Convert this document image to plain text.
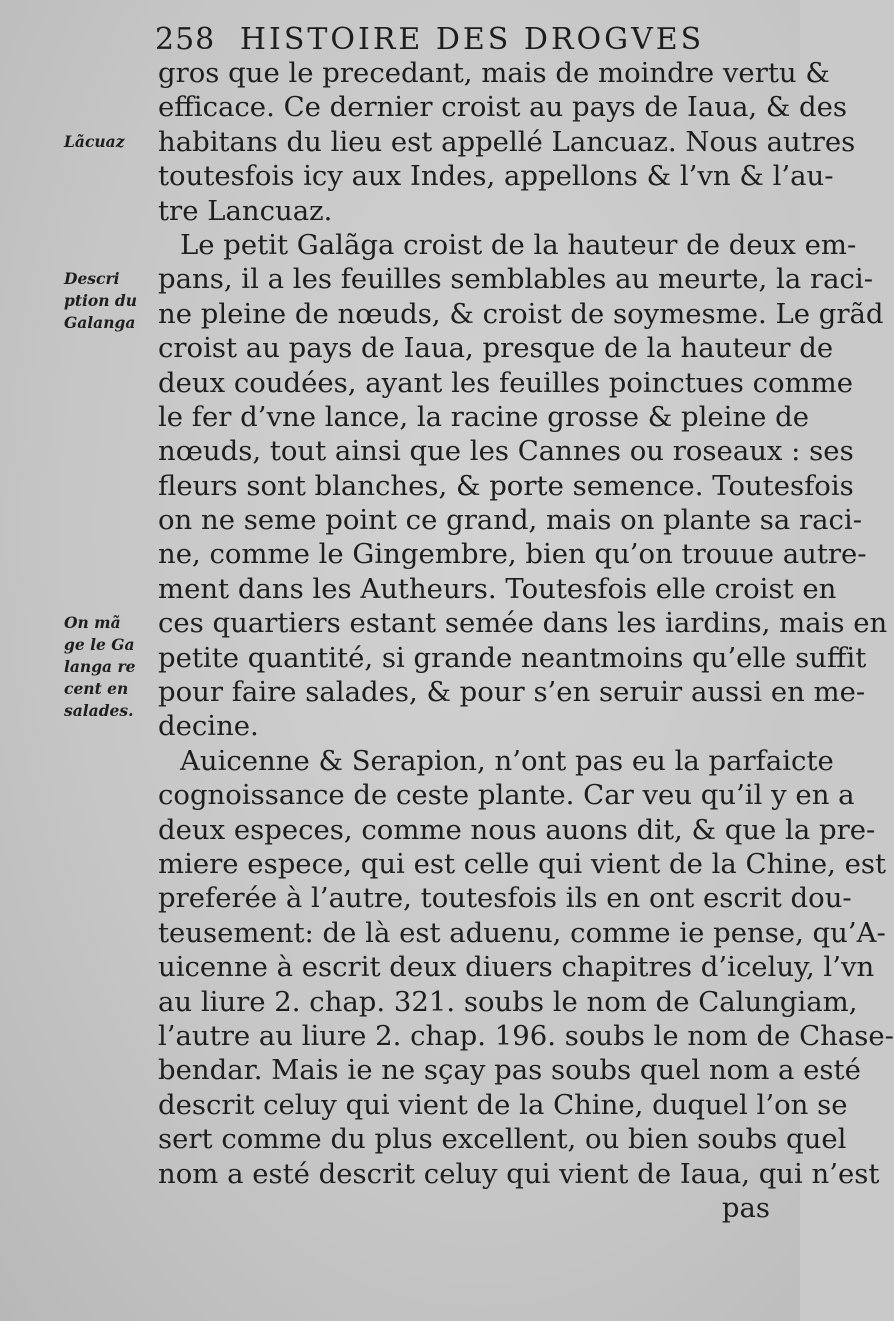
258 HISTOIRE DES DROGVES
gros que le precedant, mais de moindre vertu &
efficace. Ce dernier croist au pays de Iaua, & des
habitans du lieu est appellé Lancuaz. Nous autres
toutesfois icy aux Indes, appellons & l’vn & l’au-
tre Lancuaz.
Le petit Galãga croist de la hauteur de deux em-
pans, il a les feuilles semblables au meurte, la raci-
ne pleine de nœuds, & croist de soymesme. Le grãd
croist au pays de Iaua, presque de la hauteur de
deux coudées, ayant les feuilles poinctues comme
le fer d’vne lance, la racine grosse & pleine de
nœuds, tout ainsi que les Cannes ou roseaux : ses
fleurs sont blanches, & porte semence. Toutesfois
on ne seme point ce grand, mais on plante sa raci-
ne, comme le Gingembre, bien qu’on trouue autre-
ment dans les Autheurs. Toutesfois elle croist en
ces quartiers estant semée dans les iardins, mais en
petite quantité, si grande neantmoins qu’elle suffit
pour faire salades, & pour s’en seruir aussi en me-
decine.
Auicenne & Serapion, n’ont pas eu la parfaicte
cognoissance de ceste plante. Car veu qu’il y en a
deux especes, comme nous auons dit, & que la pre-
miere espece, qui est celle qui vient de la Chine, est
preferée à l’autre, toutesfois ils en ont escrit dou-
teusement: de là est aduenu, comme ie pense, qu’A-
uicenne à escrit deux diuers chapitres d’iceluy, l’vn
au liure 2. chap. 321. soubs le nom de Calungiam,
l’autre au liure 2. chap. 196. soubs le nom de Chase-
bendar. Mais ie ne sçay pas soubs quel nom a esté
descrit celuy qui vient de la Chine, duquel l’on se
sert comme du plus excellent, ou bien soubs quel
nom a esté descrit celuy qui vient de Iaua, qui n’est
pas
Lãcuaz
Descri
ption du
Galanga
On mã
ge le Ga
langa re
cent en
salades.
